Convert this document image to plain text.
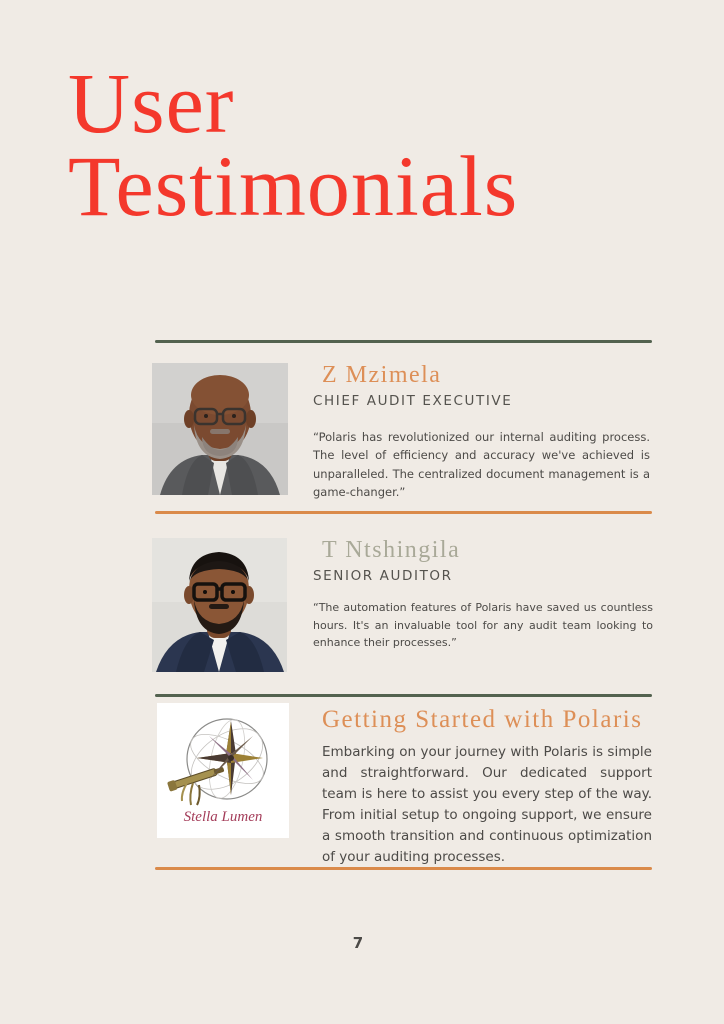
User
Testimonials
Z Mzimela
CHIEF AUDIT EXECUTIVE
“Polaris has revolutionized our internal auditing process. The level of efficiency and accuracy we've achieved is unparalleled. The centralized document management is a game-changer.”
T Ntshingila
SENIOR AUDITOR
“The automation features of Polaris have saved us countless hours. It's an invaluable tool for any audit team looking to enhance their processes.”
Stella Lumen
Getting Started with Polaris
Embarking on your journey with Polaris is simple and straightforward. Our dedicated support team is here to assist you every step of the way. From initial setup to ongoing support, we ensure a smooth transition and continuous optimization of your auditing processes.
7
